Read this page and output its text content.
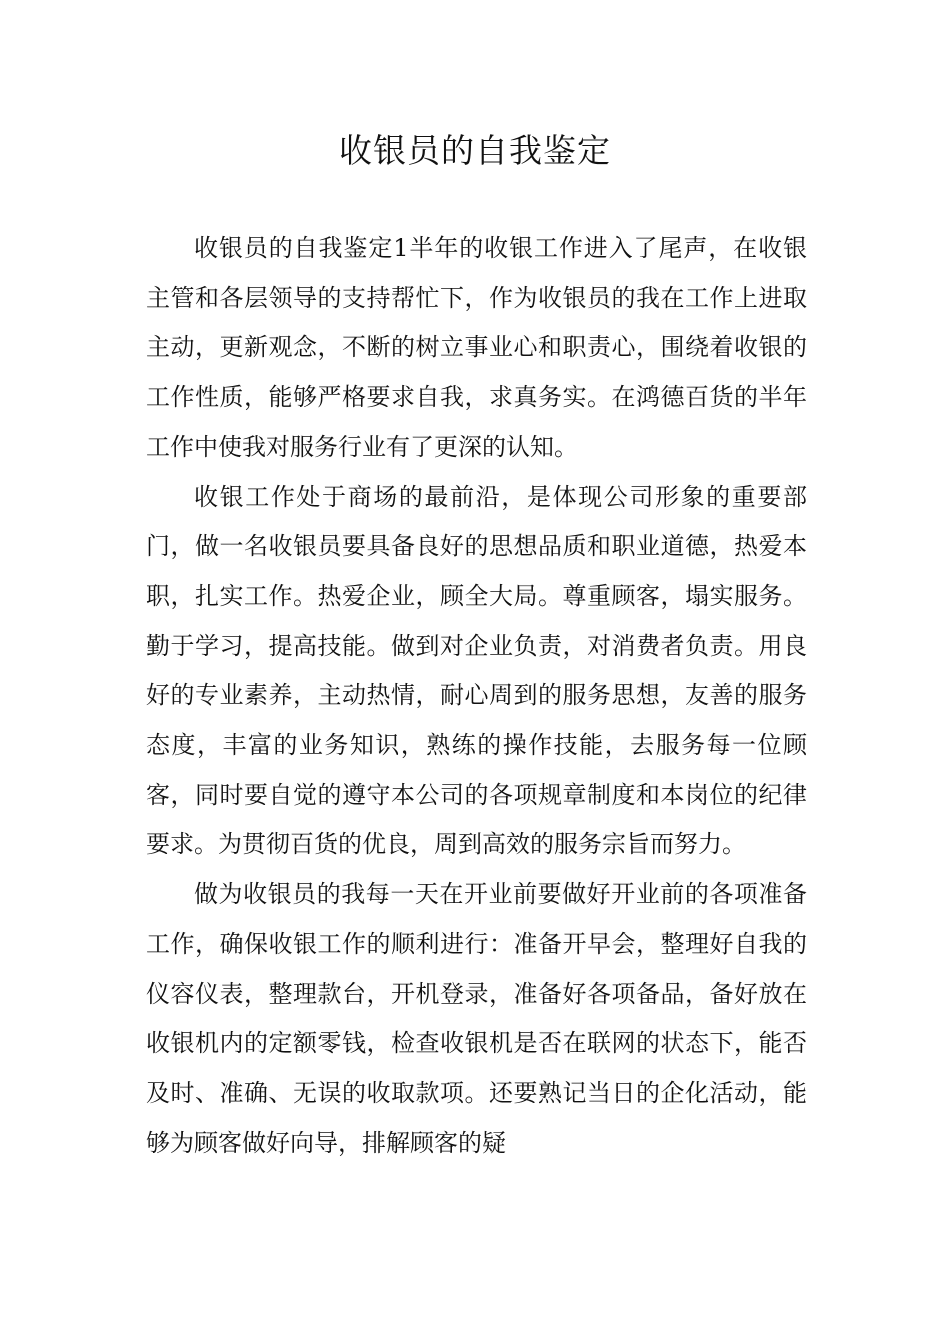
收银员的自我鉴定

收银员的自我鉴定1半年的收银工作进入了尾声，在收银主管和各层领导的支持帮忙下，作为收银员的我在工作上进取主动，更新观念，不断的树立事业心和职责心，围绕着收银的工作性质，能够严格要求自我，求真务实。在鸿德百货的半年工作中使我对服务行业有了更深的认知。

收银工作处于商场的最前沿，是体现公司形象的重要部门，做一名收银员要具备良好的思想品质和职业道德，热爱本职，扎实工作。热爱企业，顾全大局。尊重顾客，塌实服务。勤于学习，提高技能。做到对企业负责，对消费者负责。用良好的专业素养，主动热情，耐心周到的服务思想，友善的服务态度，丰富的业务知识，熟练的操作技能，去服务每一位顾客，同时要自觉的遵守本公司的各项规章制度和本岗位的纪律要求。为贯彻百货的优良，周到高效的服务宗旨而努力。

做为收银员的我每一天在开业前要做好开业前的各项准备工作，确保收银工作的顺利进行：准备开早会，整理好自我的仪容仪表，整理款台，开机登录，准备好各项备品，备好放在收银机内的定额零钱，检查收银机是否在联网的状态下，能否及时、准确、无误的收取款项。还要熟记当日的企化活动，能够为顾客做好向导，排解顾客的疑
